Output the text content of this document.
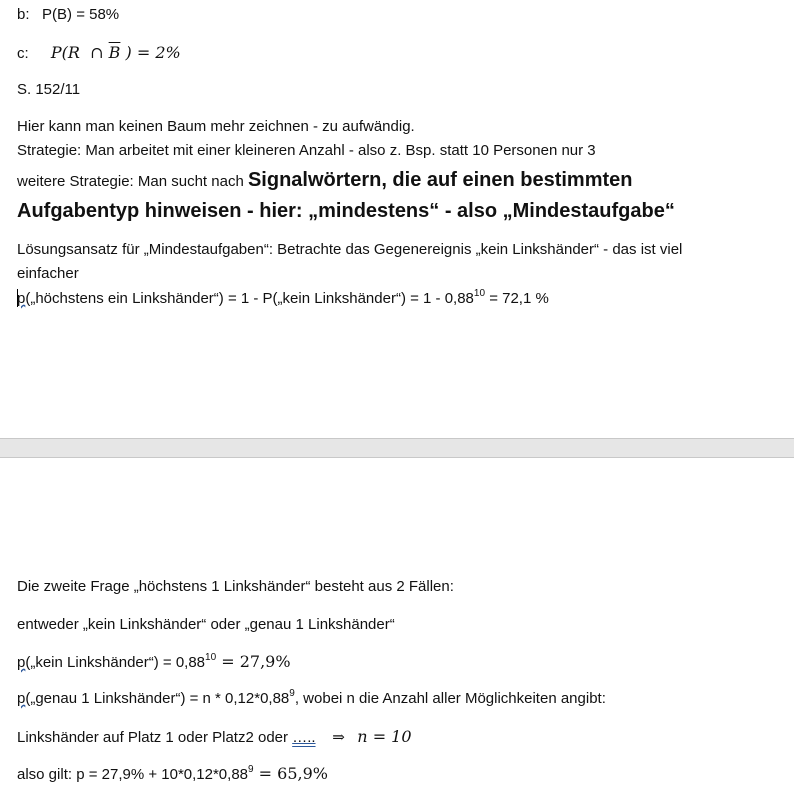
b: P(B) = 58%
c: P(R ∩ $\overline{B}$ ) = 2%
S. 152/11
Hier kann man keinen Baum mehr zeichnen - zu aufwändig.
Strategie: Man arbeitet mit einer kleineren Anzahl - also z. Bsp. statt 10 Personen nur 3
weitere Strategie: Man sucht nach Signalwörtern, die auf einen bestimmten
Aufgabentyp hinweisen - hier: „mindestens“ - also „Mindestaufgabe“
Lösungsansatz für „Mindestaufgaben“: Betrachte das Gegenereignis „kein Linkshänder“ - das ist viel
einfacher
p(„höchstens ein Linkshänder“) = 1 - P(„kein Linkshänder“) = $1 - 0,88^{10} = 72,1$ %
Die zweite Frage „höchstens 1 Linkshänder“ besteht aus 2 Fällen:
entweder „kein Linkshänder“ oder „genau 1 Linkshänder“
p(„kein Linkshänder“) = $0,88^{10} = 27,9\%$
p(„genau 1 Linkshänder“) = n * 0,12*0,88$^9$, wobei n die Anzahl aller Möglichkeiten angibt:
Linkshänder auf Platz 1 oder Platz2 oder ….. ⇒ n = 10
also gilt: $p = 27,9\% + 10*0,12*0,88^9 = 65,9\%$
